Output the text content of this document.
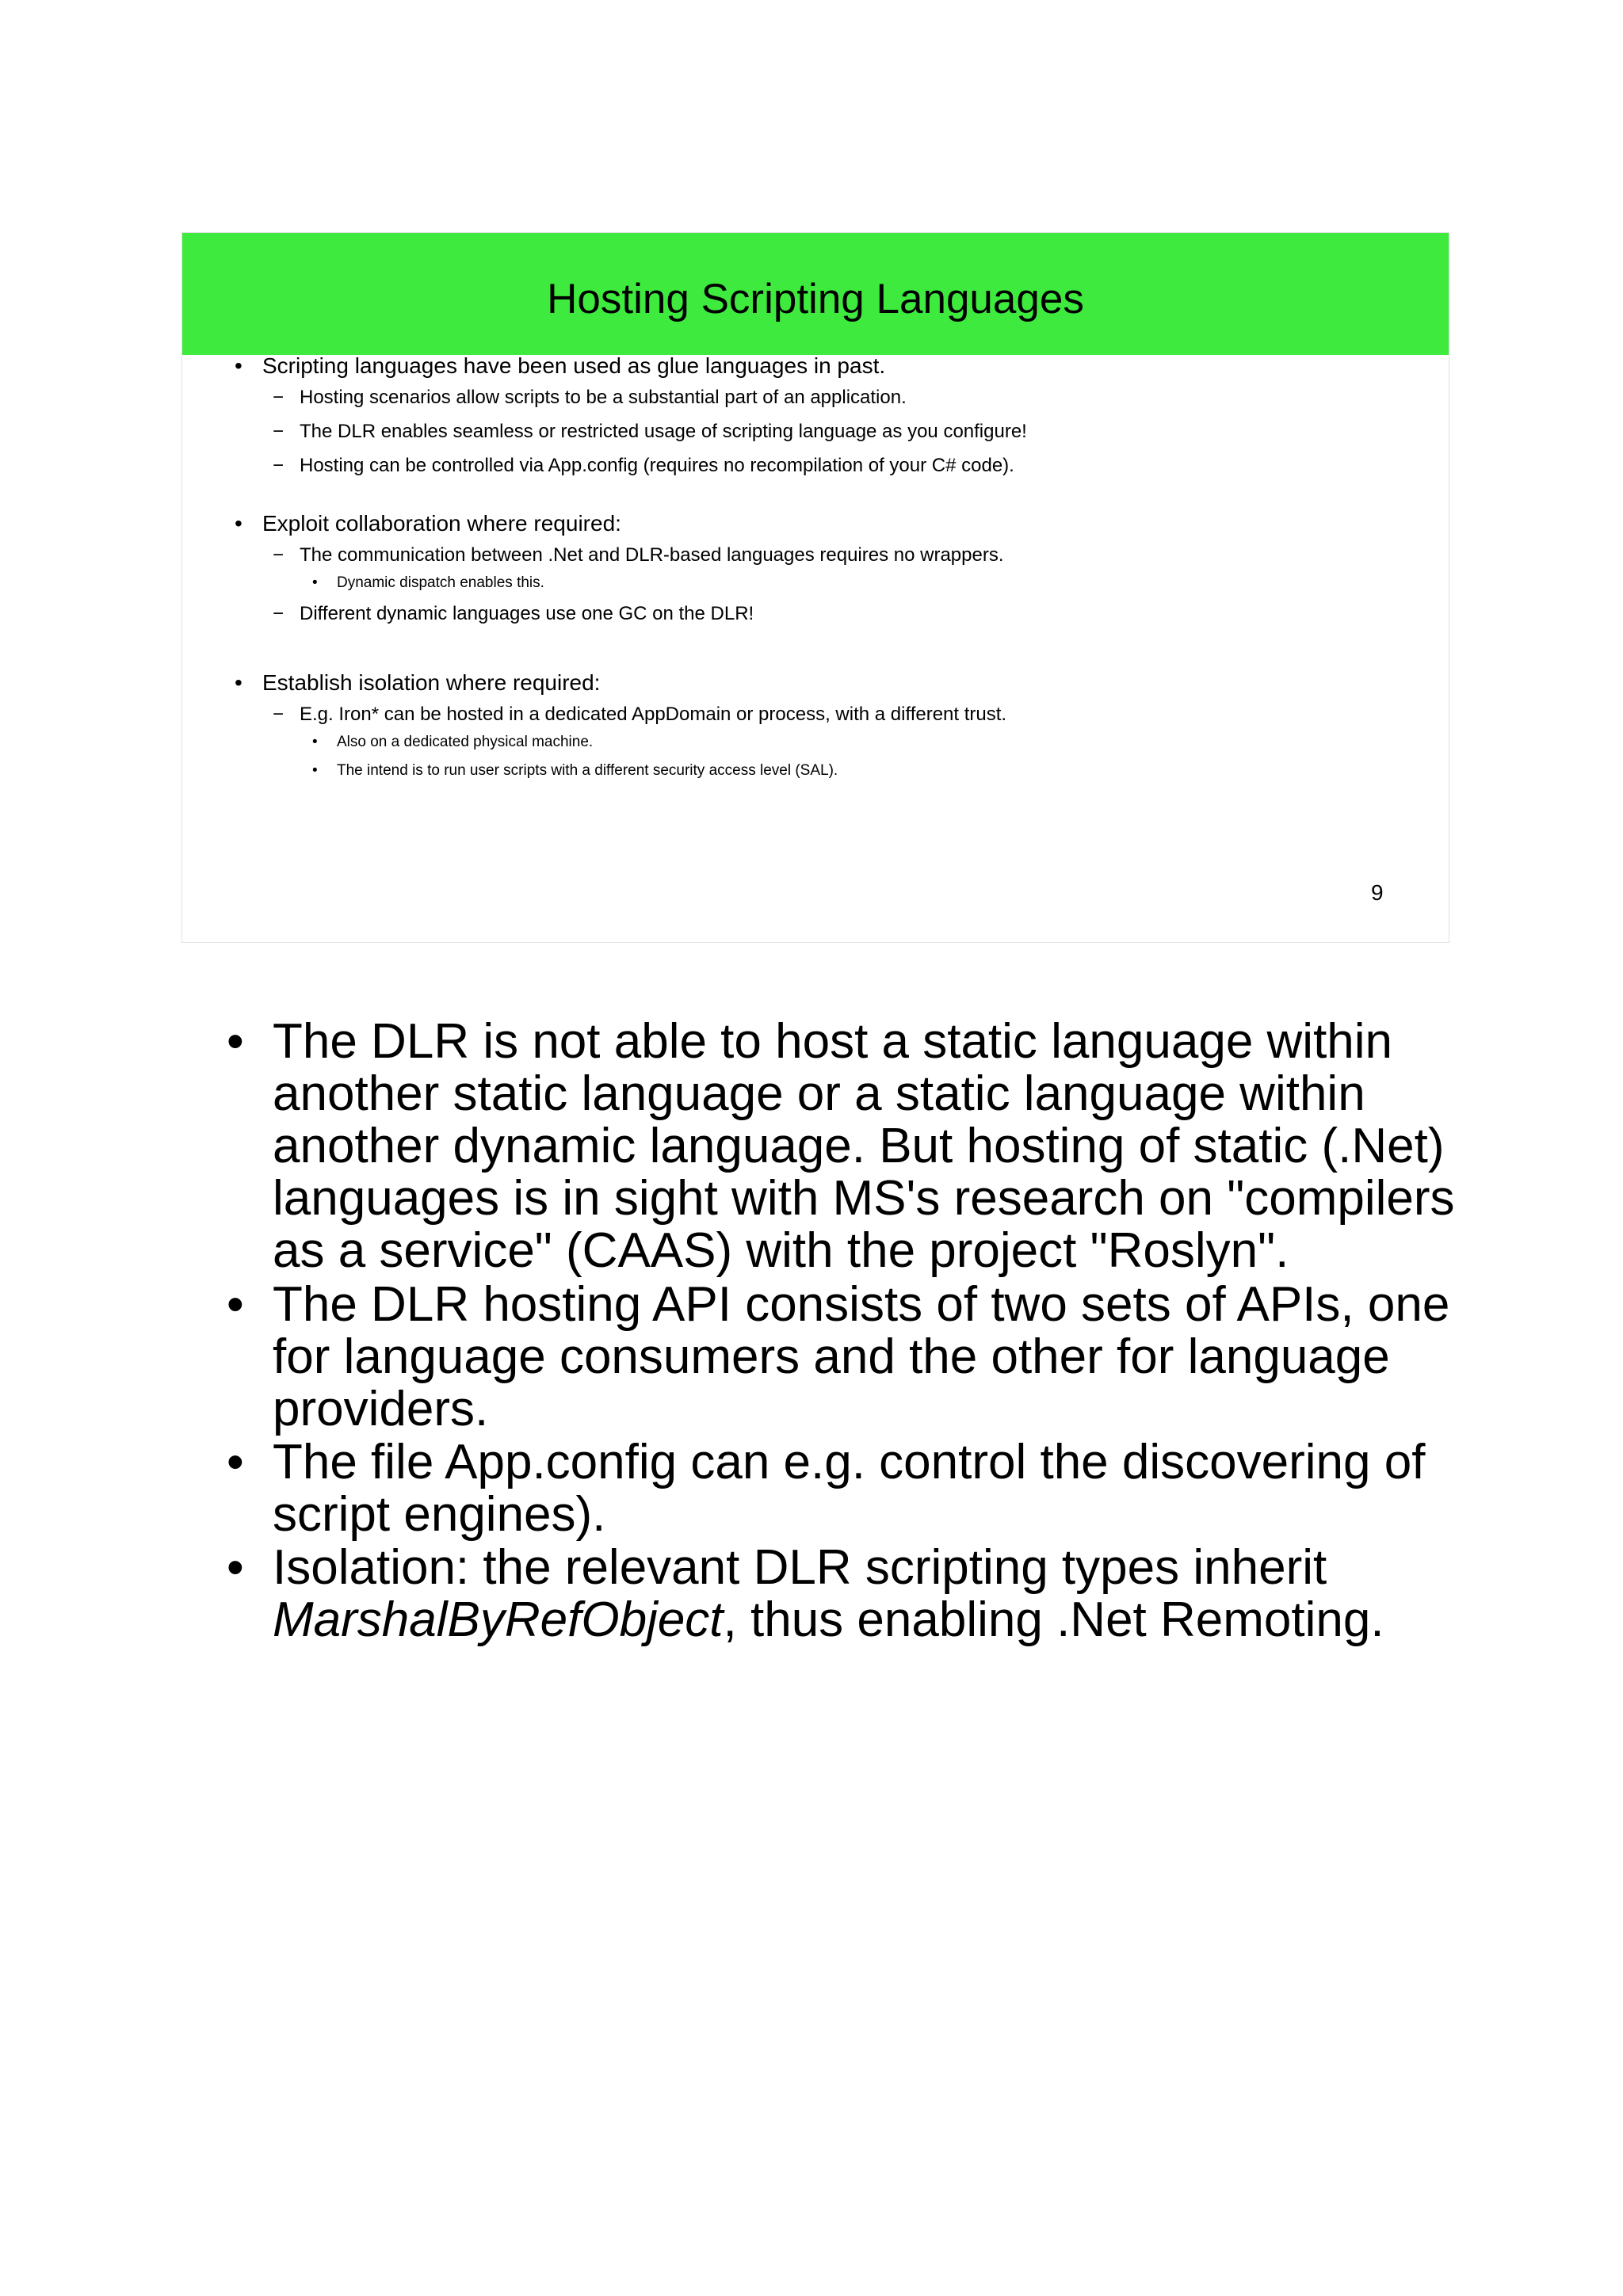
Hosting Scripting Languages
• Scripting languages have been used as glue languages in past.
− Hosting scenarios allow scripts to be a substantial part of an application.
− The DLR enables seamless or restricted usage of scripting language as you configure!
− Hosting can be controlled via App.config (requires no recompilation of your C# code).
• Exploit collaboration where required:
− The communication between .Net and DLR-based languages requires no wrappers.
• Dynamic dispatch enables this.
− Different dynamic languages use one GC on the DLR!
• Establish isolation where required:
− E.g. Iron* can be hosted in a dedicated AppDomain or process, with a different trust.
• Also on a dedicated physical machine.
• The intend is to run user scripts with a different security access level (SAL).
9
• The DLR is not able to host a static language within another static language or a static language within another dynamic language. But hosting of static (.Net) languages is in sight with MS's research on "compilers as a service" (CAAS) with the project "Roslyn".
• The DLR hosting API consists of two sets of APIs, one for language consumers and the other for language providers.
• The file App.config can e.g. control the discovering of script engines).
• Isolation: the relevant DLR scripting types inherit MarshalByRefObject, thus enabling .Net Remoting.
